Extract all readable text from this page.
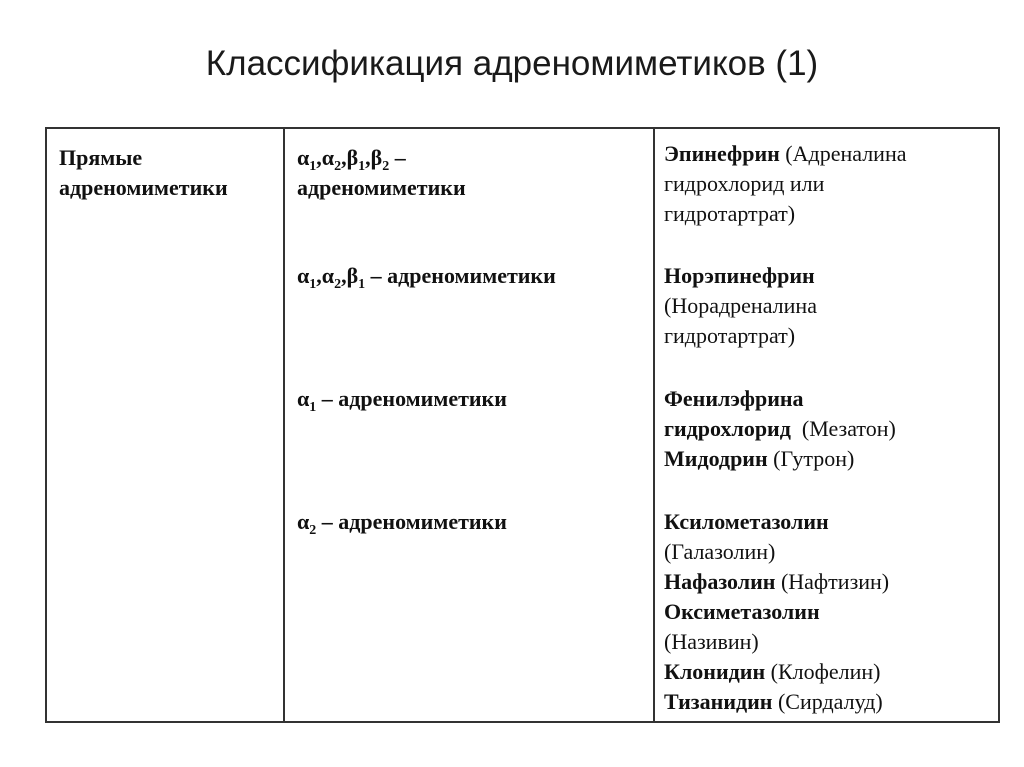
Классификация адреномиметиков (1)
Прямые
адреномиметики
$\alpha_1,\alpha_2,\beta_1,\beta_2$ –
адреномиметики
$\alpha_1,\alpha_2,\beta_1$ – адреномиметики
$\alpha_1$ – адреномиметики
$\alpha_2$ – адреномиметики
Эпинефрин (Адреналина
гидрохлорид или
гидротартрат)
Норэпинефрин
(Норадреналина
гидротартрат)
Фенилэфрина
гидрохлорид  (Мезатон)
Мидодрин (Гутрон)
Ксилометазолин
(Галазолин)
Нафазолин (Нафтизин)
Оксиметазолин
(Називин)
Клонидин (Клофелин)
Тизанидин (Сирдалуд)
